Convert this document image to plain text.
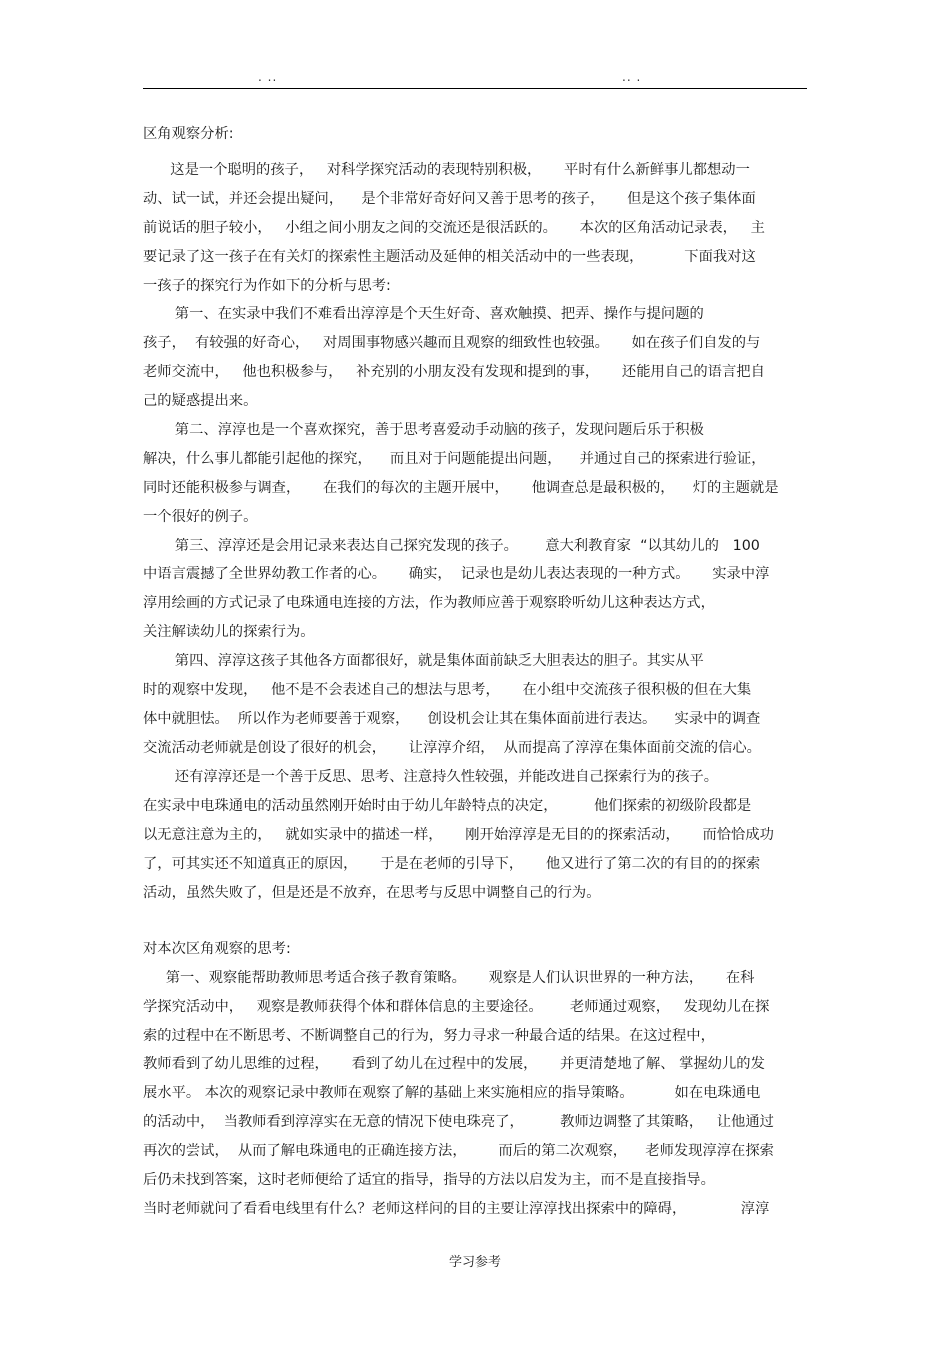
. ..	.. .

区角观察分析:

这是一个聪明的孩子，   对科学探究活动的表现特别积极，     平时有什么新鲜事儿都想动一

动、试一试，并还会提出疑问，    是个非常好奇好问又善于思考的孩子，     但是这个孩子集体面

前说话的胆子较小，   小组之间小朋友之间的交流还是很活跃的。     本次的区角活动记录表，   主

要记录了这一孩子在有关灯的探索性主题活动及延伸的相关活动中的一些表现，         下面我对这

一孩子的探究行为作如下的分析与思考:

第一、在实录中我们不难看出淳淳是个天生好奇、喜欢触摸、把弄、操作与提问题的

孩子，  有较强的好奇心，   对周围事物感兴趣而且观察的细致性也较强。     如在孩子们自发的与

老师交流中，   他也积极参与，   补充别的小朋友没有发现和提到的事，     还能用自己的语言把自

己的疑惑提出来。

第二、淳淳也是一个喜欢探究，善于思考喜爱动手动脑的孩子，发现问题后乐于积极

解决，什么事儿都能引起他的探究，    而且对于问题能提出问题，    并通过自己的探索进行验证，

同时还能积极参与调查，     在我们的每次的主题开展中，     他调查总是最积极的，    灯的主题就是

一个很好的例子。

第三、淳淳还是会用记录来表达自己探究发现的孩子。      意大利教育家  “以其幼儿的   100

中语言震撼了全世界幼教工作者的心。     确实，  记录也是幼儿表达表现的一种方式。     实录中淳

淳用绘画的方式记录了电珠通电连接的方法，作为教师应善于观察聆听幼儿这种表达方式，

关注解读幼儿的探索行为。

第四、淳淳这孩子其他各方面都很好，就是集体面前缺乏大胆表达的胆子。其实从平

时的观察中发现，   他不是不会表述自己的想法与思考，     在小组中交流孩子很积极的但在大集

体中就胆怯。  所以作为老师要善于观察，    创设机会让其在集体面前进行表达。    实录中的调查

交流活动老师就是创设了很好的机会，     让淳淳介绍，  从而提高了淳淳在集体面前交流的信心。

还有淳淳还是一个善于反思、思考、注意持久性较强，并能改进自己探索行为的孩子。

在实录中电珠通电的活动虽然刚开始时由于幼儿年龄特点的决定，        他们探索的初级阶段都是

以无意注意为主的，   就如实录中的描述一样，     刚开始淳淳是无目的的探索活动，     而恰恰成功

了，可其实还不知道真正的原因，     于是在老师的引导下，     他又进行了第二次的有目的的探索

活动，虽然失败了，但是还是不放弃，在思考与反思中调整自己的行为。

对本次区角观察的思考:

第一、观察能帮助教师思考适合孩子教育策略。     观察是人们认识世界的一种方法，     在科

学探究活动中，   观察是教师获得个体和群体信息的主要途径。      老师通过观察，   发现幼儿在探

索的过程中在不断思考、不断调整自己的行为，努力寻求一种最合适的结果。在这过程中，

教师看到了幼儿思维的过程，     看到了幼儿在过程中的发展，     并更清楚地了解、 掌握幼儿的发

展水平。 本次的观察记录中教师在观察了解的基础上来实施相应的指导策略。         如在电珠通电

的活动中，  当教师看到淳淳实在无意的情况下使电珠亮了，        教师边调整了其策略，   让他通过

再次的尝试，  从而了解电珠通电的正确连接方法，       而后的第二次观察，    老师发现淳淳在探索

后仍未找到答案，这时老师便给了适宜的指导，指导的方法以启发为主，而不是直接指导。

当时老师就问了看看电线里有什么？老师这样问的目的主要让淳淳找出探索中的障碍，            淳淳

学习参考
